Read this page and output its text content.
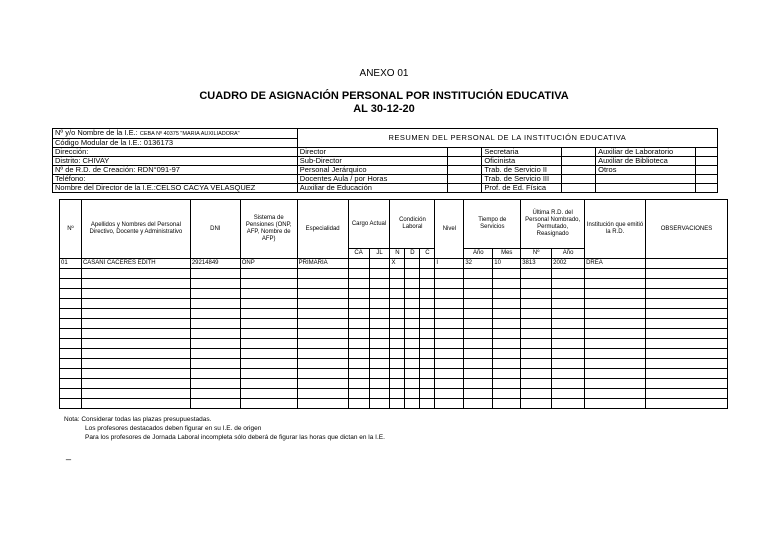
ANEXO 01
CUADRO DE ASIGNACIÓN PERSONAL POR INSTITUCIÓN EDUCATIVA
AL 30-12-20
Nº y/o Nombre de la I.E.: CEBA Nº 40375 "MARIA AUXILIADORA"	RESUMEN DEL PERSONAL DE LA INSTITUCIÓN EDUCATIVA					
Código Modular de la I.E.: 0136173						
Dirección:	Director		Secretaria		Auxiliar de Laboratorio	
Distrito: CHIVAY	Sub-Director		Oficinista		Auxiliar de Biblioteca	
Nº de R.D. de Creación: RDN°091-97	Personal Jerárquico		Trab. de Servicio II		Otros	
Teléfono:	Docentes Aula / por Horas		Trab. de Servicio III			
Nombre del Director de la I.E.:CELSO CACYA VELASQUEZ	Auxiliar de Educación		Prof. de Ed. Física			
Nº	Apellidos y Nombres del Personal Directivo, Docente y Administrativo	DNI	Sistema de Pensiones (ONP, AFP, Nombre de AFP)	Especialidad	Cargo Actual		Condición Laboral			Nivel	Tiempo de Servicios		Última R.D. del Personal Nombrado, Permutado, Reasignado		Institución que emitió la R.D.	OBSERVACIONES
					CA	JL	N	D	C		Año	Mes	Nº	Año		
01	CASANI CACERES EDITH	29214849	ONP	PRIMARIA			X			I	32	10	3813	2002	DREA	

Nota: Considerar todas las plazas presupuestadas.
Los profesores destacados deben figurar en su I.E. de origen
Para los profesores de Jornada Laboral incompleta sólo deberá de figurar las horas que dictan en la I.E.
_
